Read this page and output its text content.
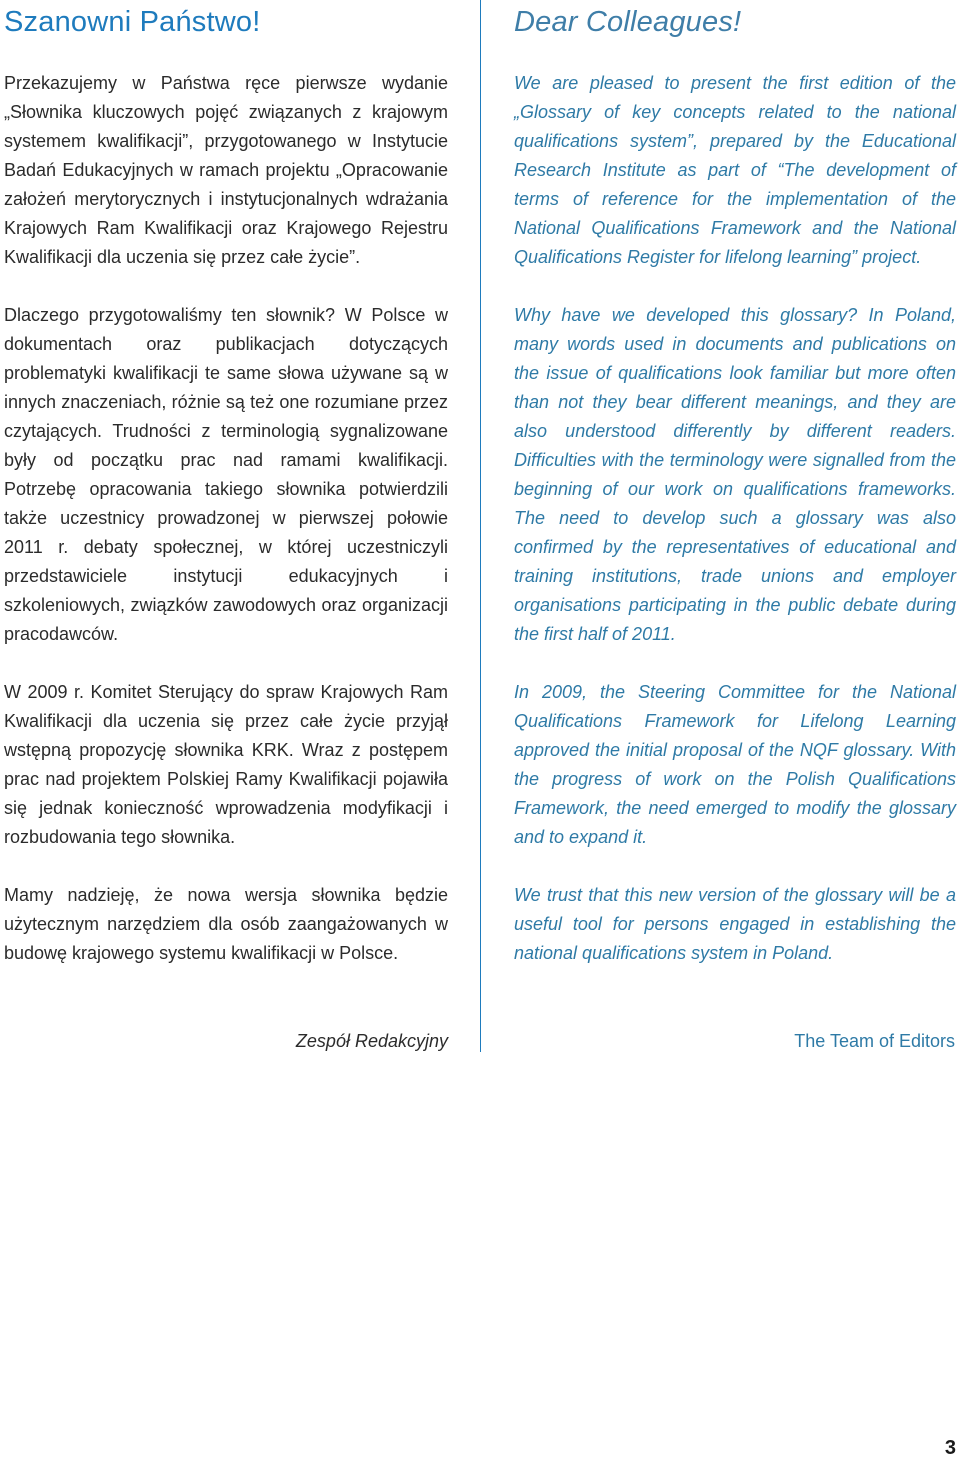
Szanowni Państwo!

Przekazujemy w Państwa ręce pierwsze wydanie „Słownika kluczowych pojęć związanych z krajowym systemem kwalifikacji”, przygotowanego w Instytucie Badań Edukacyjnych w ramach projektu „Opracowanie założeń merytorycznych i instytucjonalnych wdrażania Krajowych Ram Kwalifikacji oraz Krajowego Rejestru Kwalifikacji dla uczenia się przez całe życie”.

Dlaczego przygotowaliśmy ten słownik? W Polsce w dokumentach oraz publikacjach dotyczących problematyki kwalifikacji te same słowa używane są w innych znaczeniach, różnie są też one rozumiane przez czytających. Trudności z terminologią sygnalizowane były od początku prac nad ramami kwalifikacji. Potrzebę opracowania takiego słownika potwierdzili także uczestnicy prowadzonej w pierwszej połowie 2011 r. debaty społecznej, w której uczestniczyli przedstawiciele instytucji edukacyjnych i szkoleniowych, związków zawodowych oraz organizacji pracodawców.

W 2009 r. Komitet Sterujący do spraw Krajowych Ram Kwalifikacji dla uczenia się przez całe życie przyjął wstępną propozycję słownika KRK. Wraz z postępem prac nad projektem Polskiej Ramy Kwalifikacji pojawiła się jednak konieczność wprowadzenia modyfikacji i rozbudowania tego słownika.

Mamy nadzieję, że nowa wersja słownika będzie użytecznym narzędziem dla osób zaangażowanych w budowę krajowego systemu kwalifikacji w Polsce.

Dear Colleagues!

We are pleased to present the first edition of the „Glossary of key concepts related to the national qualifications system”, prepared by the Educational Research Institute as part of “The development of terms of reference for the implementation of the National Qualifications Framework and the National Qualifications Register for lifelong learning” project.

Why have we developed this glossary? In Poland, many words used in documents and publications on the issue of qualifications look familiar but more often than not they bear different meanings, and they are also understood differently by different readers. Difficulties with the terminology were signalled from the beginning of our work on qualifications frameworks. The need to develop such a glossary was also confirmed by the representatives of educational and training institutions, trade unions and employer organisations participating in the public debate during the first half of 2011.

In 2009, the Steering Committee for the National Qualifications Framework for Lifelong Learning approved the initial proposal of the NQF glossary. With the progress of work on the Polish Qualifications Framework, the need emerged to modify the glossary and to expand it.

We trust that this new version of the glossary will be a useful tool for persons engaged in establishing the national qualifications system in Poland.

Zespół Redakcyjny	The Team of Editors
3
